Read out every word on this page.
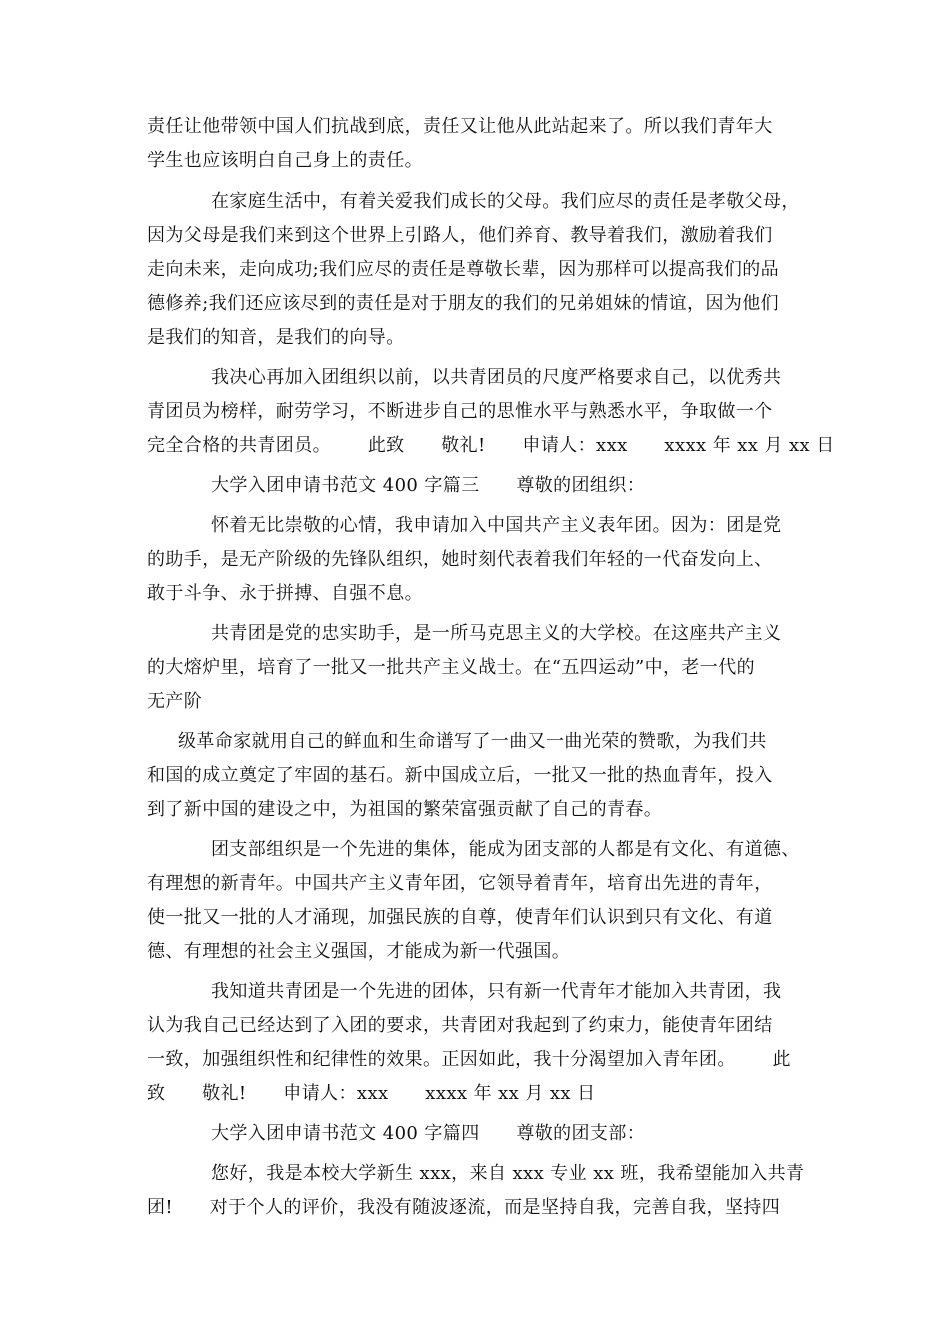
责任让他带领中国人们抗战到底，责任又让他从此站起来了。所以我们青年大
学生也应该明白自己身上的责任。
在家庭生活中，有着关爱我们成长的父母。我们应尽的责任是孝敬父母，
因为父母是我们来到这个世界上引路人，他们养育、教导着我们，激励着我们
走向未来，走向成功;我们应尽的责任是尊敬长辈，因为那样可以提高我们的品
德修养;我们还应该尽到的责任是对于朋友的我们的兄弟姐妹的情谊，因为他们
是我们的知音，是我们的向导。
我决心再加入团组织以前，以共青团员的尺度严格要求自己，以优秀共
青团员为榜样，耐劳学习，不断进步自己的思惟水平与熟悉水平，争取做一个
完全合格的共青团员。      此致      敬礼!      申请人：xxx      xxxx 年 xx 月 xx 日
大学入团申请书范文 400 字篇三      尊敬的团组织：
怀着无比崇敬的心情，我申请加入中国共产主义表年团。因为：团是党
的助手，是无产阶级的先锋队组织，她时刻代表着我们年轻的一代奋发向上、
敢于斗争、永于拼搏、自强不息。
共青团是党的忠实助手，是一所马克思主义的大学校。在这座共产主义
的大熔炉里，培育了一批又一批共产主义战士。在“五四运动”中，老一代的
无产阶
级革命家就用自己的鲜血和生命谱写了一曲又一曲光荣的赞歌，为我们共
和国的成立奠定了牢固的基石。新中国成立后，一批又一批的热血青年，投入
到了新中国的建设之中，为祖国的繁荣富强贡献了自己的青春。
团支部组织是一个先进的集体，能成为团支部的人都是有文化、有道德、
有理想的新青年。中国共产主义青年团，它领导着青年，培育出先进的青年，
使一批又一批的人才涌现，加强民族的自尊，使青年们认识到只有文化、有道
德、有理想的社会主义强国，才能成为新一代强国。
我知道共青团是一个先进的团体，只有新一代青年才能加入共青团，我
认为我自己已经达到了入团的要求，共青团对我起到了约束力，能使青年团结
一致，加强组织性和纪律性的效果。正因如此，我十分渴望加入青年团。      此
致      敬礼!      申请人：xxx      xxxx 年 xx 月 xx 日
大学入团申请书范文 400 字篇四      尊敬的团支部：
您好，我是本校大学新生 xxx，来自 xxx 专业 xx 班，我希望能加入共青
团!      对于个人的评价，我没有随波逐流，而是坚持自我，完善自我，坚持四
